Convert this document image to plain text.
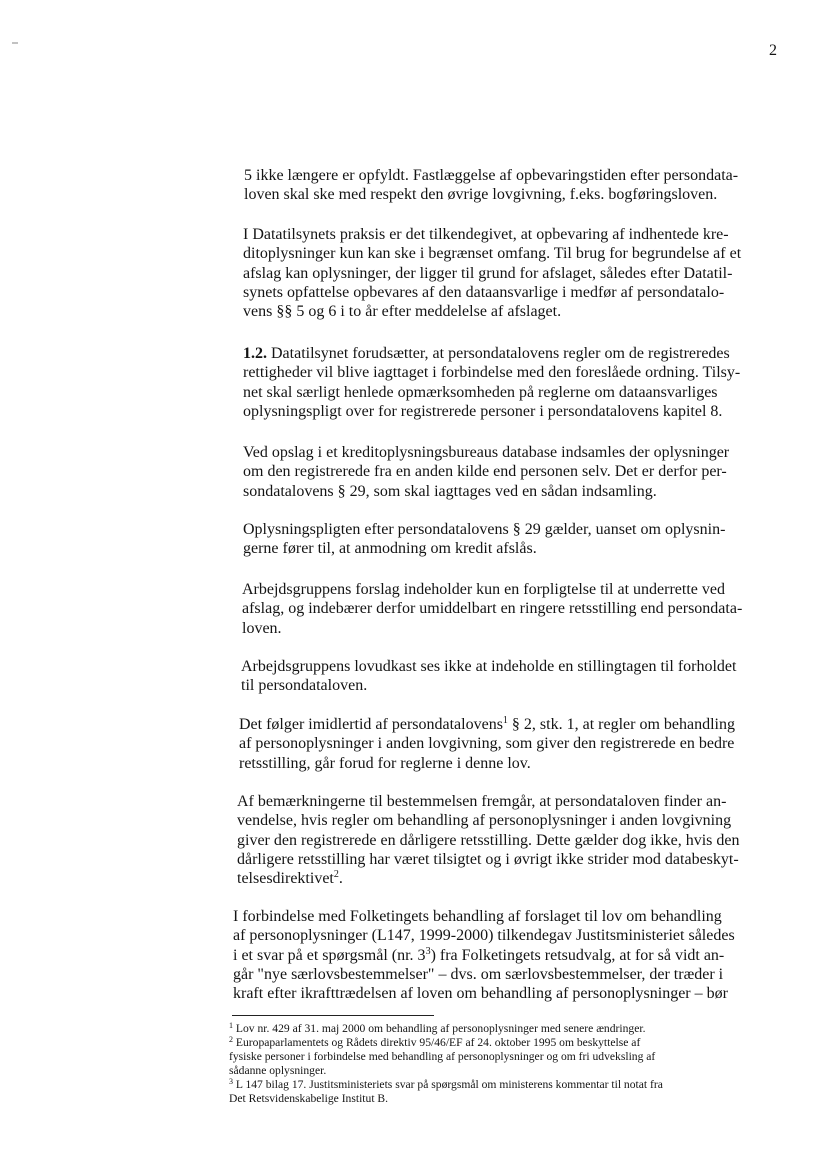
2

5 ikke længere er opfyldt. Fastlæggelse af opbevaringstiden efter persondata-
loven skal ske med respekt den øvrige lovgivning, f.eks. bogføringsloven.

I Datatilsynets praksis er det tilkendegivet, at opbevaring af indhentede kre-
ditoplysninger kun kan ske i begrænset omfang. Til brug for begrundelse af et
afslag kan oplysninger, der ligger til grund for afslaget, således efter Datatil-
synets opfattelse opbevares af den dataansvarlige i medfør af persondatalo-
vens §§ 5 og 6 i to år efter meddelelse af afslaget.

1.2. Datatilsynet forudsætter, at persondatalovens regler om de registreredes
rettigheder vil blive iagttaget i forbindelse med den foreslåede ordning. Tilsy-
net skal særligt henlede opmærksomheden på reglerne om dataansvarliges
oplysningspligt over for registrerede personer i persondatalovens kapitel 8.

Ved opslag i et kreditoplysningsbureaus database indsamles der oplysninger
om den registrerede fra en anden kilde end personen selv. Det er derfor per-
sondatalovens § 29, som skal iagttages ved en sådan indsamling.

Oplysningspligten efter persondatalovens § 29 gælder, uanset om oplysnin-
gerne fører til, at anmodning om kredit afslås.

Arbejdsgruppens forslag indeholder kun en forpligtelse til at underrette ved
afslag, og indebærer derfor umiddelbart en ringere retsstilling end persondata-
loven.

Arbejdsgruppens lovudkast ses ikke at indeholde en stillingtagen til forholdet
til persondataloven.

Det følger imidlertid af persondatalovens$^1$ § 2, stk. 1, at regler om behandling
af personoplysninger i anden lovgivning, som giver den registrerede en bedre
retsstilling, går forud for reglerne i denne lov.

Af bemærkningerne til bestemmelsen fremgår, at persondataloven finder an-
vendelse, hvis regler om behandling af personoplysninger i anden lovgivning
giver den registrerede en dårligere retsstilling. Dette gælder dog ikke, hvis den
dårligere retsstilling har været tilsigtet og i øvrigt ikke strider mod databeskyt-
telsesdirektivet$^2$.

I forbindelse med Folketingets behandling af forslaget til lov om behandling
af personoplysninger (L147, 1999-2000) tilkendegav Justitsministeriet således
i et svar på et spørgsmål (nr. $3^3$) fra Folketingets retsudvalg, at for så vidt an-
går "nye særlovsbestemmelser" – dvs. om særlovsbestemmelser, der træder i
kraft efter ikrafttrædelsen af loven om behandling af personoplysninger – bør

$^1$ Lov nr. 429 af 31. maj 2000 om behandling af personoplysninger med senere ændringer.
$^2$ Europaparlamentets og Rådets direktiv 95/46/EF af 24. oktober 1995 om beskyttelse af
fysiske personer i forbindelse med behandling af personoplysninger og om fri udveksling af
sådanne oplysninger.
$^3$ L 147 bilag 17. Justitsministeriets svar på spørgsmål om ministerens kommentar til notat fra
Det Retsvidenskabelige Institut B.
